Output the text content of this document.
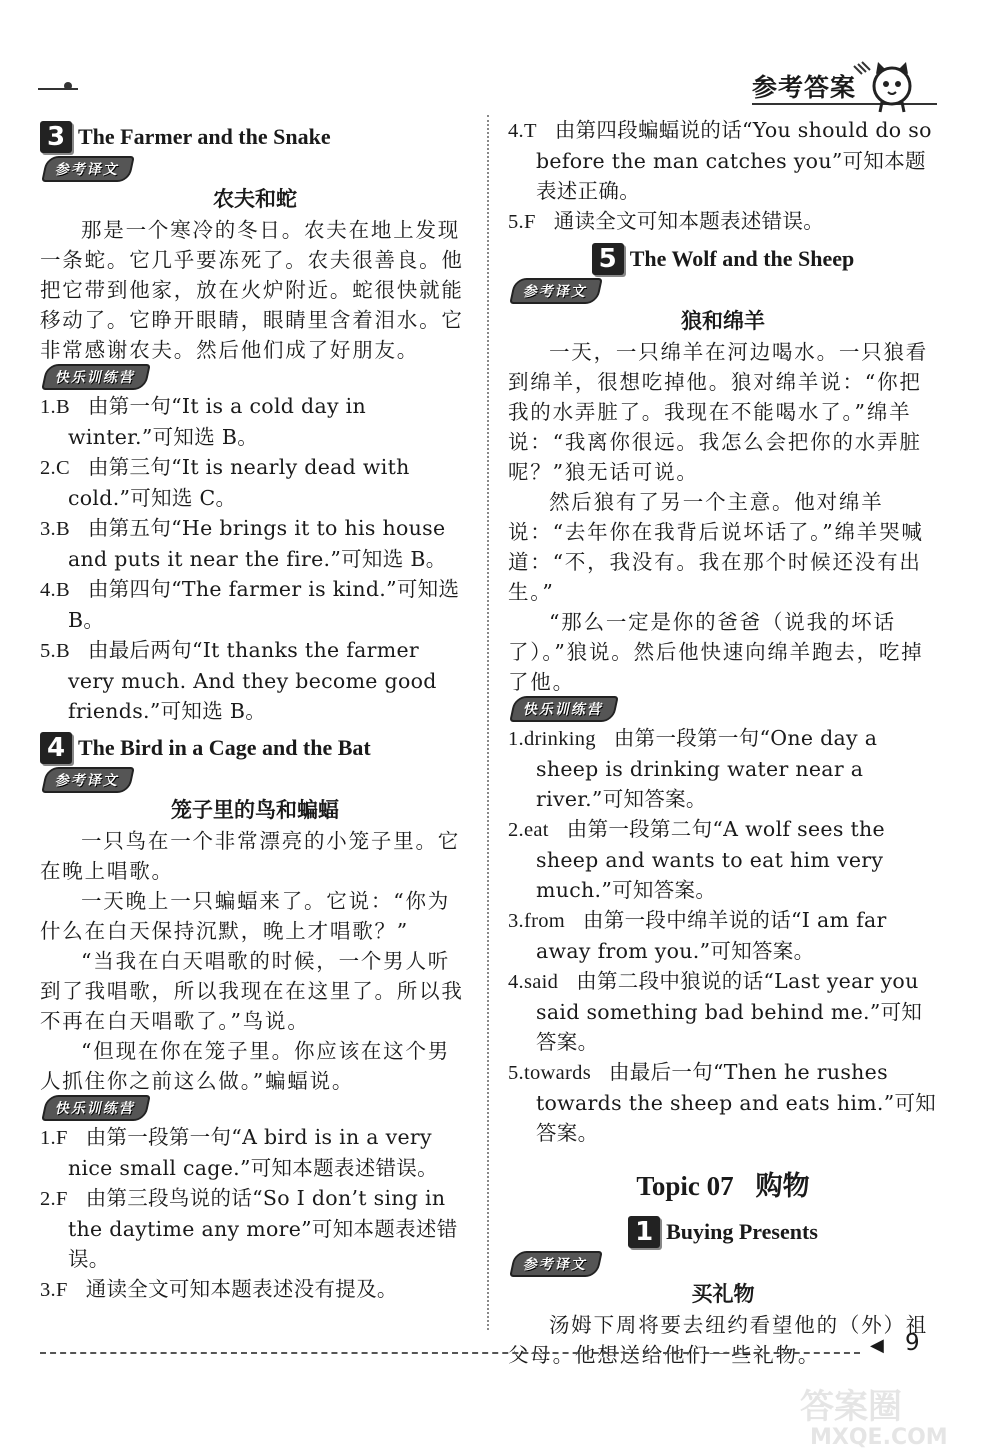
参考答案
3 The Farmer and the Snake
参考译文
农夫和蛇

那是一个寒冷的冬日。农夫在地上发现一条蛇。它几乎要冻死了。农夫很善良。他把它带到他家，放在火炉附近。蛇很快就能移动了。它睁开眼睛，眼睛里含着泪水。它非常感谢农夫。然后他们成了好朋友。

快乐训练营

1.B 由第一句“It is a cold day in winter.”可知选 B。

2.C 由第三句“It is nearly dead with cold.”可知选 C。

3.B 由第五句“He brings it to his house and puts it near the fire.”可知选 B。

4.B 由第四句“The farmer is kind.”可知选 B。

5.B 由最后两句“It thanks the farmer very much. And they become good friends.”可知选 B。

4 The Bird in a Cage and the Bat
参考译文
笼子里的鸟和蝙蝠

一只鸟在一个非常漂亮的小笼子里。它在晚上唱歌。

一天晚上一只蝙蝠来了。它说：“你为什么在白天保持沉默，晚上才唱歌？”

“当我在白天唱歌的时候，一个男人听到了我唱歌，所以我现在在这里了。所以我不再在白天唱歌了。”鸟说。

“但现在你在笼子里。你应该在这个男人抓住你之前这么做。”蝙蝠说。

快乐训练营

1.F 由第一段第一句“A bird is in a very nice small cage.”可知本题表述错误。

2.F 由第三段鸟说的话“So I don’t sing in the daytime any more”可知本题表述错误。

3.F 通读全文可知本题表述没有提及。

4.T 由第四段蝙蝠说的话“You should do so before the man catches you”可知本题表述正确。

5.F 通读全文可知本题表述错误。

5 The Wolf and the Sheep
参考译文
狼和绵羊

一天，一只绵羊在河边喝水。一只狼看到绵羊，很想吃掉他。狼对绵羊说：“你把我的水弄脏了。我现在不能喝水了。”绵羊说：“我离你很远。我怎么会把你的水弄脏呢？”狼无话可说。

然后狼有了另一个主意。他对绵羊说：“去年你在我背后说坏话了。”绵羊哭喊道：“不，我没有。我在那个时候还没有出生。”

“那么一定是你的爸爸（说我的坏话了）。”狼说。然后他快速向绵羊跑去，吃掉了他。

快乐训练营

1.drinking 由第一段第一句“One day a sheep is drinking water near a river.”可知答案。

2.eat 由第一段第二句“A wolf sees the sheep and wants to eat him very much.”可知答案。

3.from 由第一段中绵羊说的话“I am far away from you.”可知答案。

4.said 由第二段中狼说的话“Last year you said something bad behind me.”可知答案。

5.towards 由最后一句“Then he rushes towards the sheep and eats him.”可知答案。

Topic 07 购物
1 Buying Presents
参考译文
买礼物

汤姆下周将要去纽约看望他的（外）祖父母。他想送给他们一些礼物。	◀ 9
答案圈
MXQE.COM
